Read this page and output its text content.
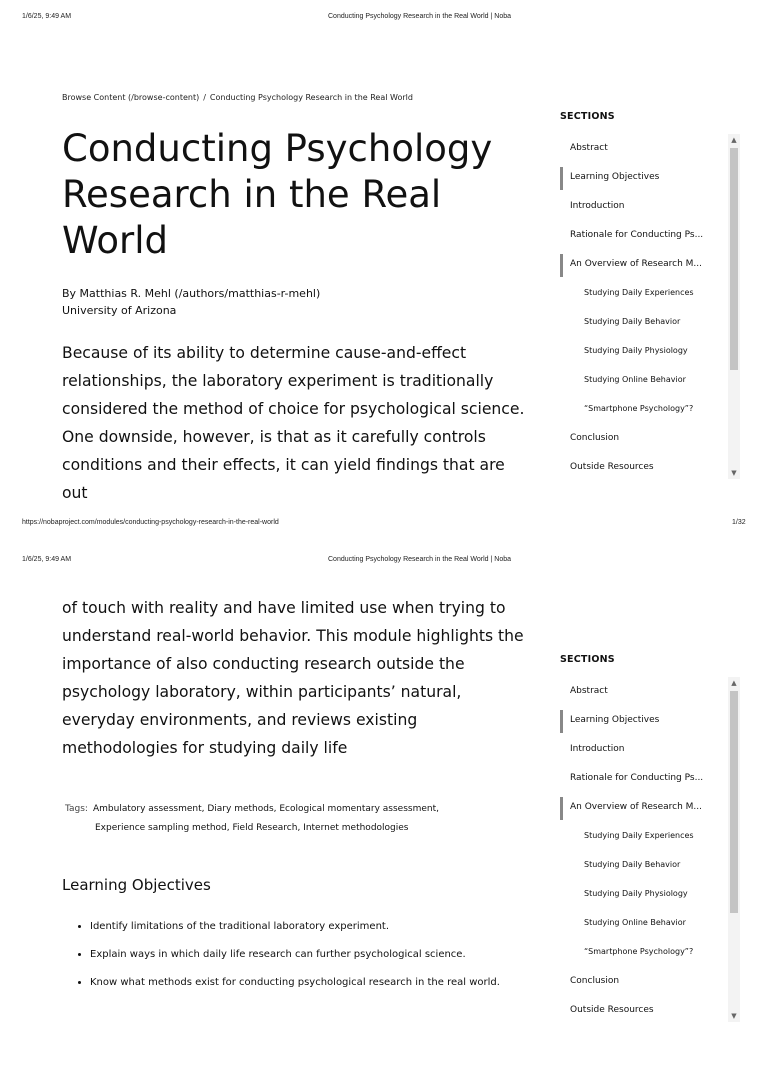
1/6/25, 9:49 AM	Conducting Psychology Research in the Real World | Noba
Browse Content (/browse-content) / Conducting Psychology Research in the Real World
Conducting Psychology Research in the Real World
By Matthias R. Mehl (/authors/matthias-r-mehl)
University of Arizona

Because of its ability to determine cause-and-effect relationships, the laboratory experiment is traditionally considered the method of choice for psychological science. One downside, however, is that as it carefully controls conditions and their effects, it can yield findings that are out

SECTIONS
Abstract
Learning Objectives
Introduction
Rationale for Conducting Ps...
An Overview of Research M...
Studying Daily Experiences
Studying Daily Behavior
Studying Daily Physiology
Studying Online Behavior
“Smartphone Psychology”?
Conclusion
Outside Resources
▲
▼
https://nobaproject.com/modules/conducting-psychology-research-in-the-real-world	1/32
1/6/25, 9:49 AM	Conducting Psychology Research in the Real World | Noba

of touch with reality and have limited use when trying to understand real-world behavior. This module highlights the importance of also conducting research outside the psychology laboratory, within participants’ natural, everyday environments, and reviews existing methodologies for studying daily life

SECTIONS
Abstract
Learning Objectives
Introduction
Rationale for Conducting Ps...
An Overview of Research M...
Studying Daily Experiences
Studying Daily Behavior
Studying Daily Physiology
Studying Online Behavior
“Smartphone Psychology”?
Conclusion
Outside Resources
▲
▼
Tags: Ambulatory assessment, Diary methods, Ecological momentary assessment,
Experience sampling method, Field Research, Internet methodologies
Learning Objectives
• Identify limitations of the traditional laboratory experiment.
• Explain ways in which daily life research can further psychological science.
• Know what methods exist for conducting psychological research in the real world.
